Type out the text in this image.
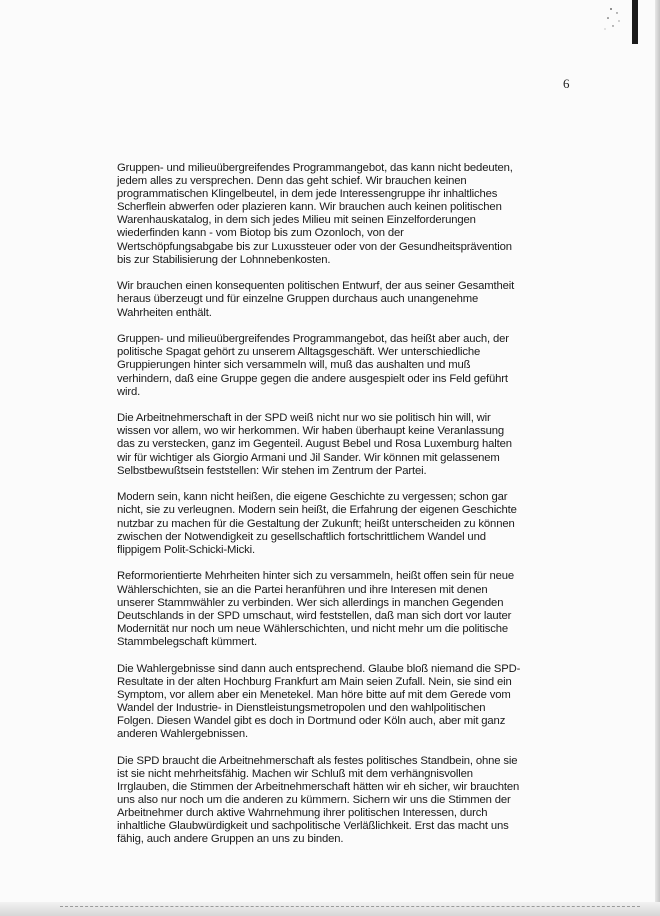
6

Gruppen- und milieuübergreifendes Programmangebot, das kann nicht bedeuten,
jedem alles zu versprechen. Denn das geht schief. Wir brauchen keinen
programmatischen Klingelbeutel, in dem jede Interessengruppe ihr inhaltliches
Scherflein abwerfen oder plazieren kann. Wir brauchen auch keinen politischen
Warenhauskatalog, in dem sich jedes Milieu mit seinen Einzelforderungen
wiederfinden kann - vom Biotop bis zum Ozonloch, von der
Wertschöpfungsabgabe bis zur Luxussteuer oder von der Gesundheitsprävention
bis zur Stabilisierung der Lohnnebenkosten.

Wir brauchen einen konsequenten politischen Entwurf, der aus seiner Gesamtheit
heraus überzeugt und für einzelne Gruppen durchaus auch unangenehme
Wahrheiten enthält.

Gruppen- und milieuübergreifendes Programmangebot, das heißt aber auch, der
politische Spagat gehört zu unserem Alltagsgeschäft. Wer unterschiedliche
Gruppierungen hinter sich versammeln will, muß das aushalten und muß
verhindern, daß eine Gruppe gegen die andere ausgespielt oder ins Feld geführt
wird.

Die Arbeitnehmerschaft in der SPD weiß nicht nur wo sie politisch hin will, wir
wissen vor allem, wo wir herkommen. Wir haben überhaupt keine Veranlassung
das zu verstecken, ganz im Gegenteil. August Bebel und Rosa Luxemburg halten
wir für wichtiger als Giorgio Armani und Jil Sander. Wir können mit gelassenem
Selbstbewußtsein feststellen: Wir stehen im Zentrum der Partei.

Modern sein, kann nicht heißen, die eigene Geschichte zu vergessen; schon gar
nicht, sie zu verleugnen. Modern sein heißt, die Erfahrung der eigenen Geschichte
nutzbar zu machen für die Gestaltung der Zukunft; heißt unterscheiden zu können
zwischen der Notwendigkeit zu gesellschaftlich fortschrittlichem Wandel und
flippigem Polit-Schicki-Micki.

Reformorientierte Mehrheiten hinter sich zu versammeln, heißt offen sein für neue
Wählerschichten, sie an die Partei heranführen und ihre Interesen mit denen
unserer Stammwähler zu verbinden. Wer sich allerdings in manchen Gegenden
Deutschlands in der SPD umschaut, wird feststellen, daß man sich dort vor lauter
Modernität nur noch um neue Wählerschichten, und nicht mehr um die politische
Stammbelegschaft kümmert.

Die Wahlergebnisse sind dann auch entsprechend. Glaube bloß niemand die SPD-
Resultate in der alten Hochburg Frankfurt am Main seien Zufall. Nein, sie sind ein
Symptom, vor allem aber ein Menetekel. Man höre bitte auf mit dem Gerede vom
Wandel der Industrie- in Dienstleistungsmetropolen und den wahlpolitischen
Folgen. Diesen Wandel gibt es doch in Dortmund oder Köln auch, aber mit ganz
anderen Wahlergebnissen.

Die SPD braucht die Arbeitnehmerschaft als festes politisches Standbein, ohne sie
ist sie nicht mehrheitsfähig. Machen wir Schluß mit dem verhängnisvollen
Irrglauben, die Stimmen der Arbeitnehmerschaft hätten wir eh sicher, wir brauchten
uns also nur noch um die anderen zu kümmern. Sichern wir uns die Stimmen der
Arbeitnehmer durch aktive Wahrnehmung ihrer politischen Interessen, durch
inhaltliche Glaubwürdigkeit und sachpolitische Verläßlichkeit. Erst das macht uns
fähig, auch andere Gruppen an uns zu binden.
